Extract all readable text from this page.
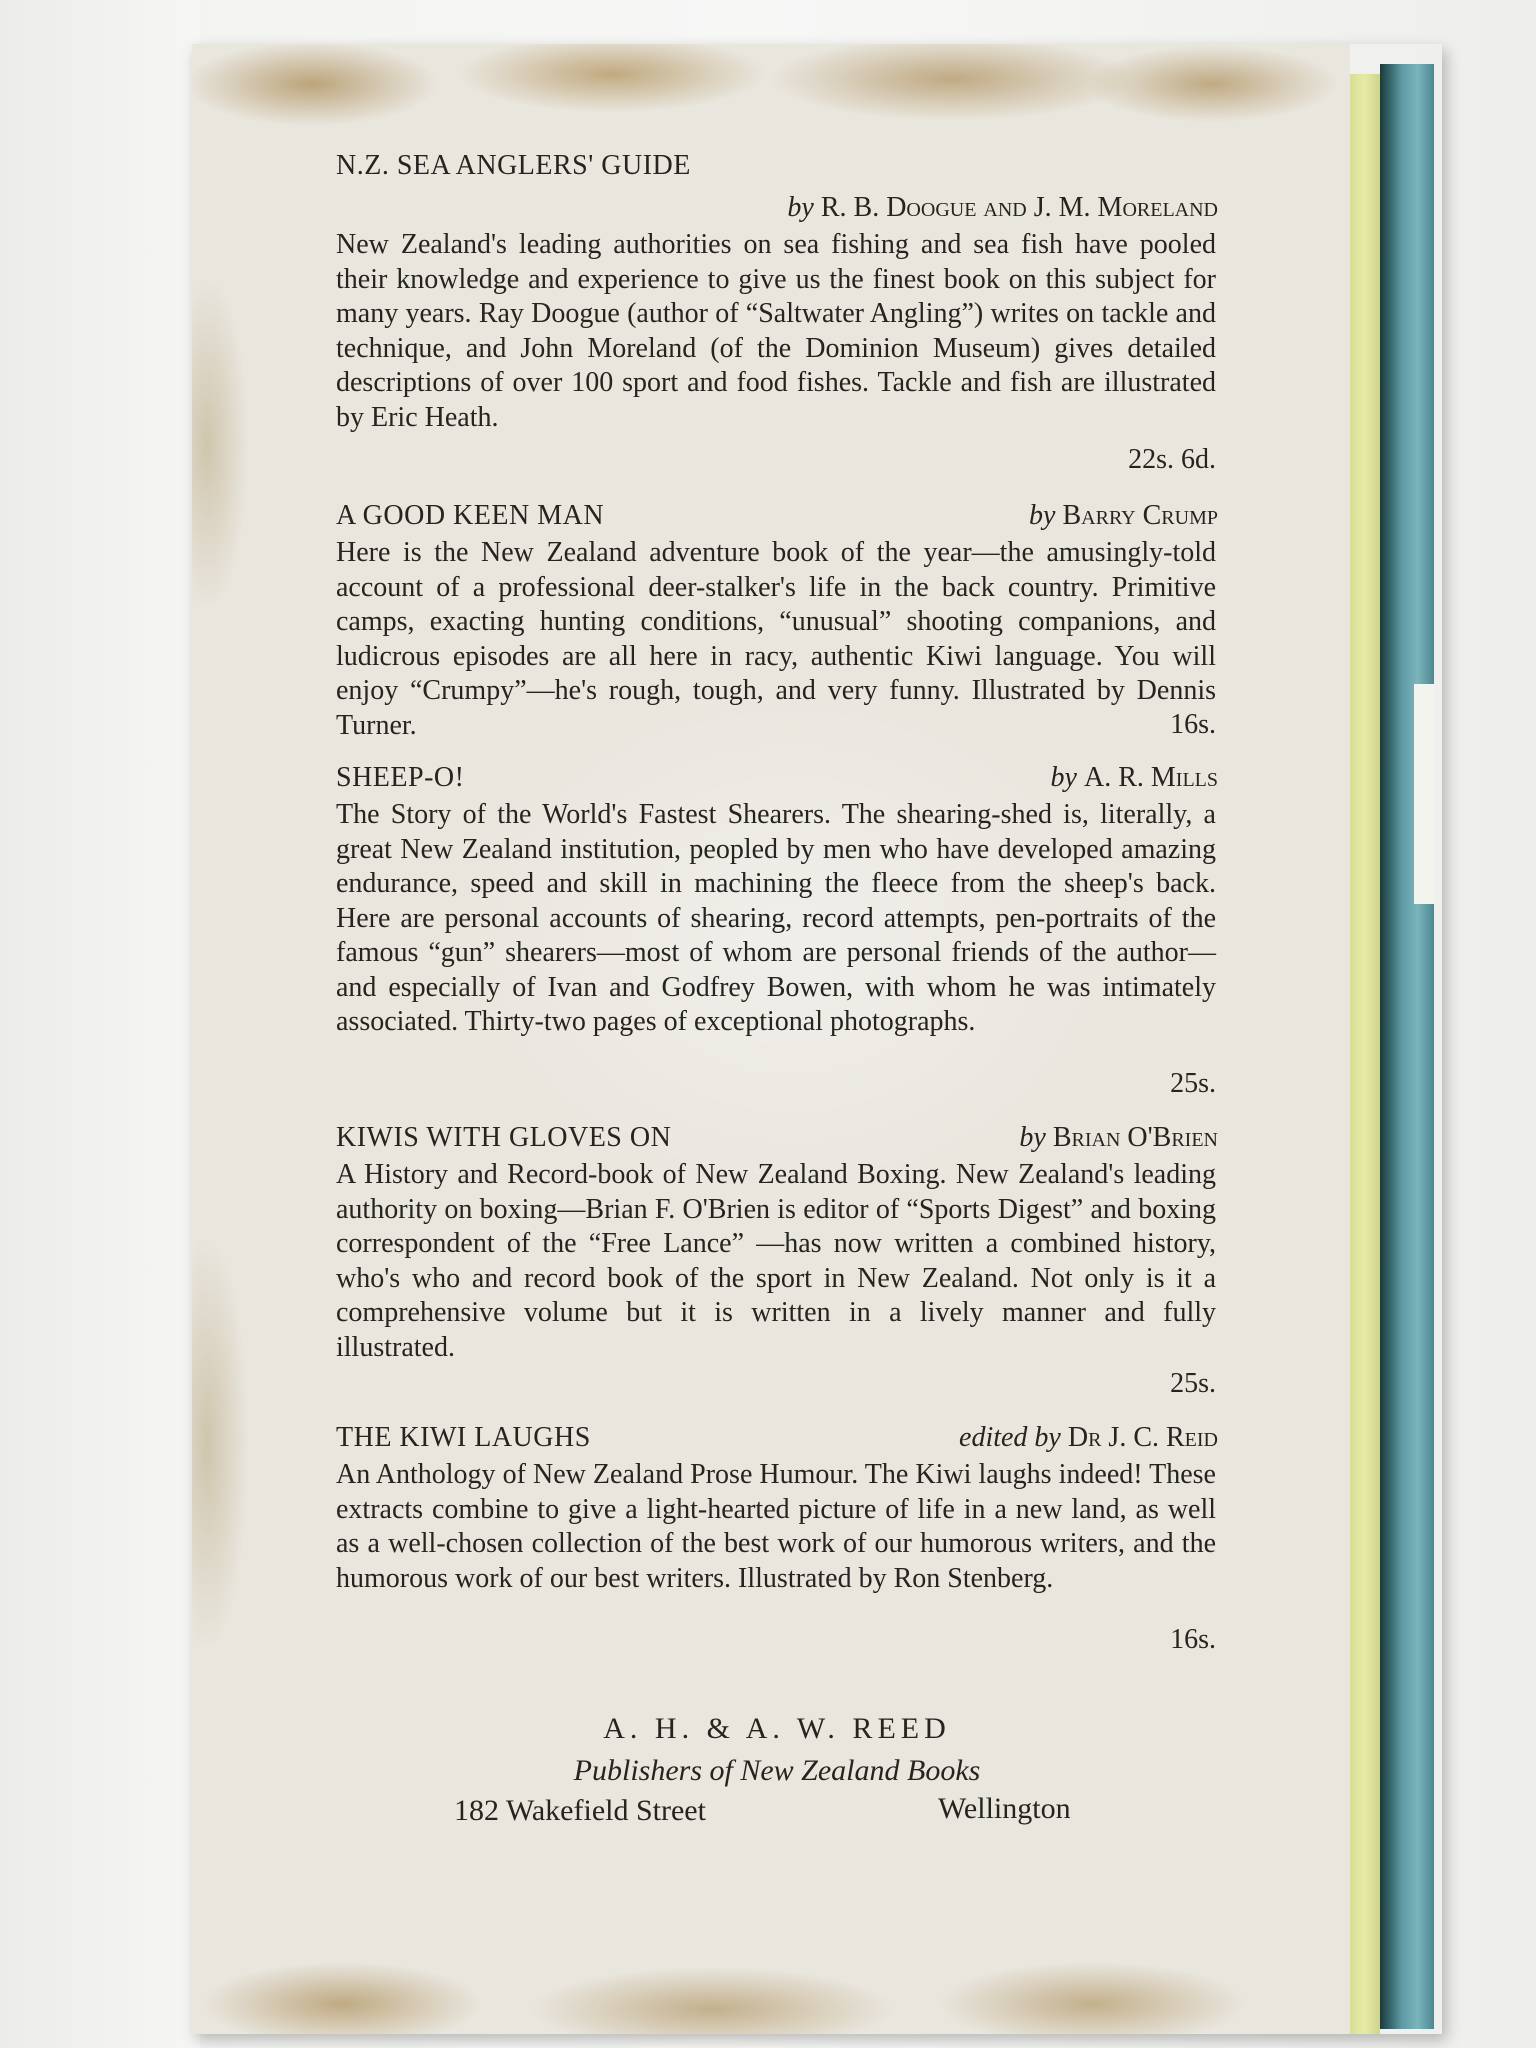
N.Z. SEA ANGLERS' GUIDE
by R. B. Doogue and J. M. Moreland
New Zealand's leading authorities on sea fishing and sea fish have pooled their knowledge and experience to give us the finest book on this subject for many years. Ray Doogue (author of “Saltwater Angling”) writes on tackle and technique, and John Moreland (of the Dominion Museum) gives detailed descriptions of over 100 sport and food fishes. Tackle and fish are illustrated by Eric Heath.
22s. 6d.
A GOOD KEEN MAN	by Barry Crump
Here is the New Zealand adventure book of the year—the amusingly-told account of a professional deer-stalker's life in the back country. Primitive camps, exacting hunting conditions, “unusual” shooting companions, and ludicrous episodes are all here in racy, authentic Kiwi language. You will enjoy “Crumpy”—he's rough, tough, and very funny. Illustrated by Dennis Turner.	16s.
SHEEP-O!	by A. R. Mills
The Story of the World's Fastest Shearers. The shearing-shed is, literally, a great New Zealand institution, peopled by men who have developed amazing endurance, speed and skill in machining the fleece from the sheep's back. Here are personal accounts of shearing, record attempts, pen-portraits of the famous “gun” shearers—most of whom are personal friends of the author—and especially of Ivan and Godfrey Bowen, with whom he was intimately associated. Thirty-two pages of exceptional photographs.
25s.
KIWIS WITH GLOVES ON	by Brian O'Brien
A History and Record-book of New Zealand Boxing. New Zealand's leading authority on boxing—Brian F. O'Brien is editor of “Sports Digest” and boxing correspondent of the “Free Lance” —has now written a combined history, who's who and record book of the sport in New Zealand. Not only is it a comprehensive volume but it is written in a lively manner and fully illustrated.
25s.
THE KIWI LAUGHS	edited by Dr J. C. Reid
An Anthology of New Zealand Prose Humour. The Kiwi laughs indeed! These extracts combine to give a light-hearted picture of life in a new land, as well as a well-chosen collection of the best work of our humorous writers, and the humorous work of our best writers. Illustrated by Ron Stenberg.
16s.
A. H. & A. W. REED
Publishers of New Zealand Books
182 Wakefield Street	Wellington
